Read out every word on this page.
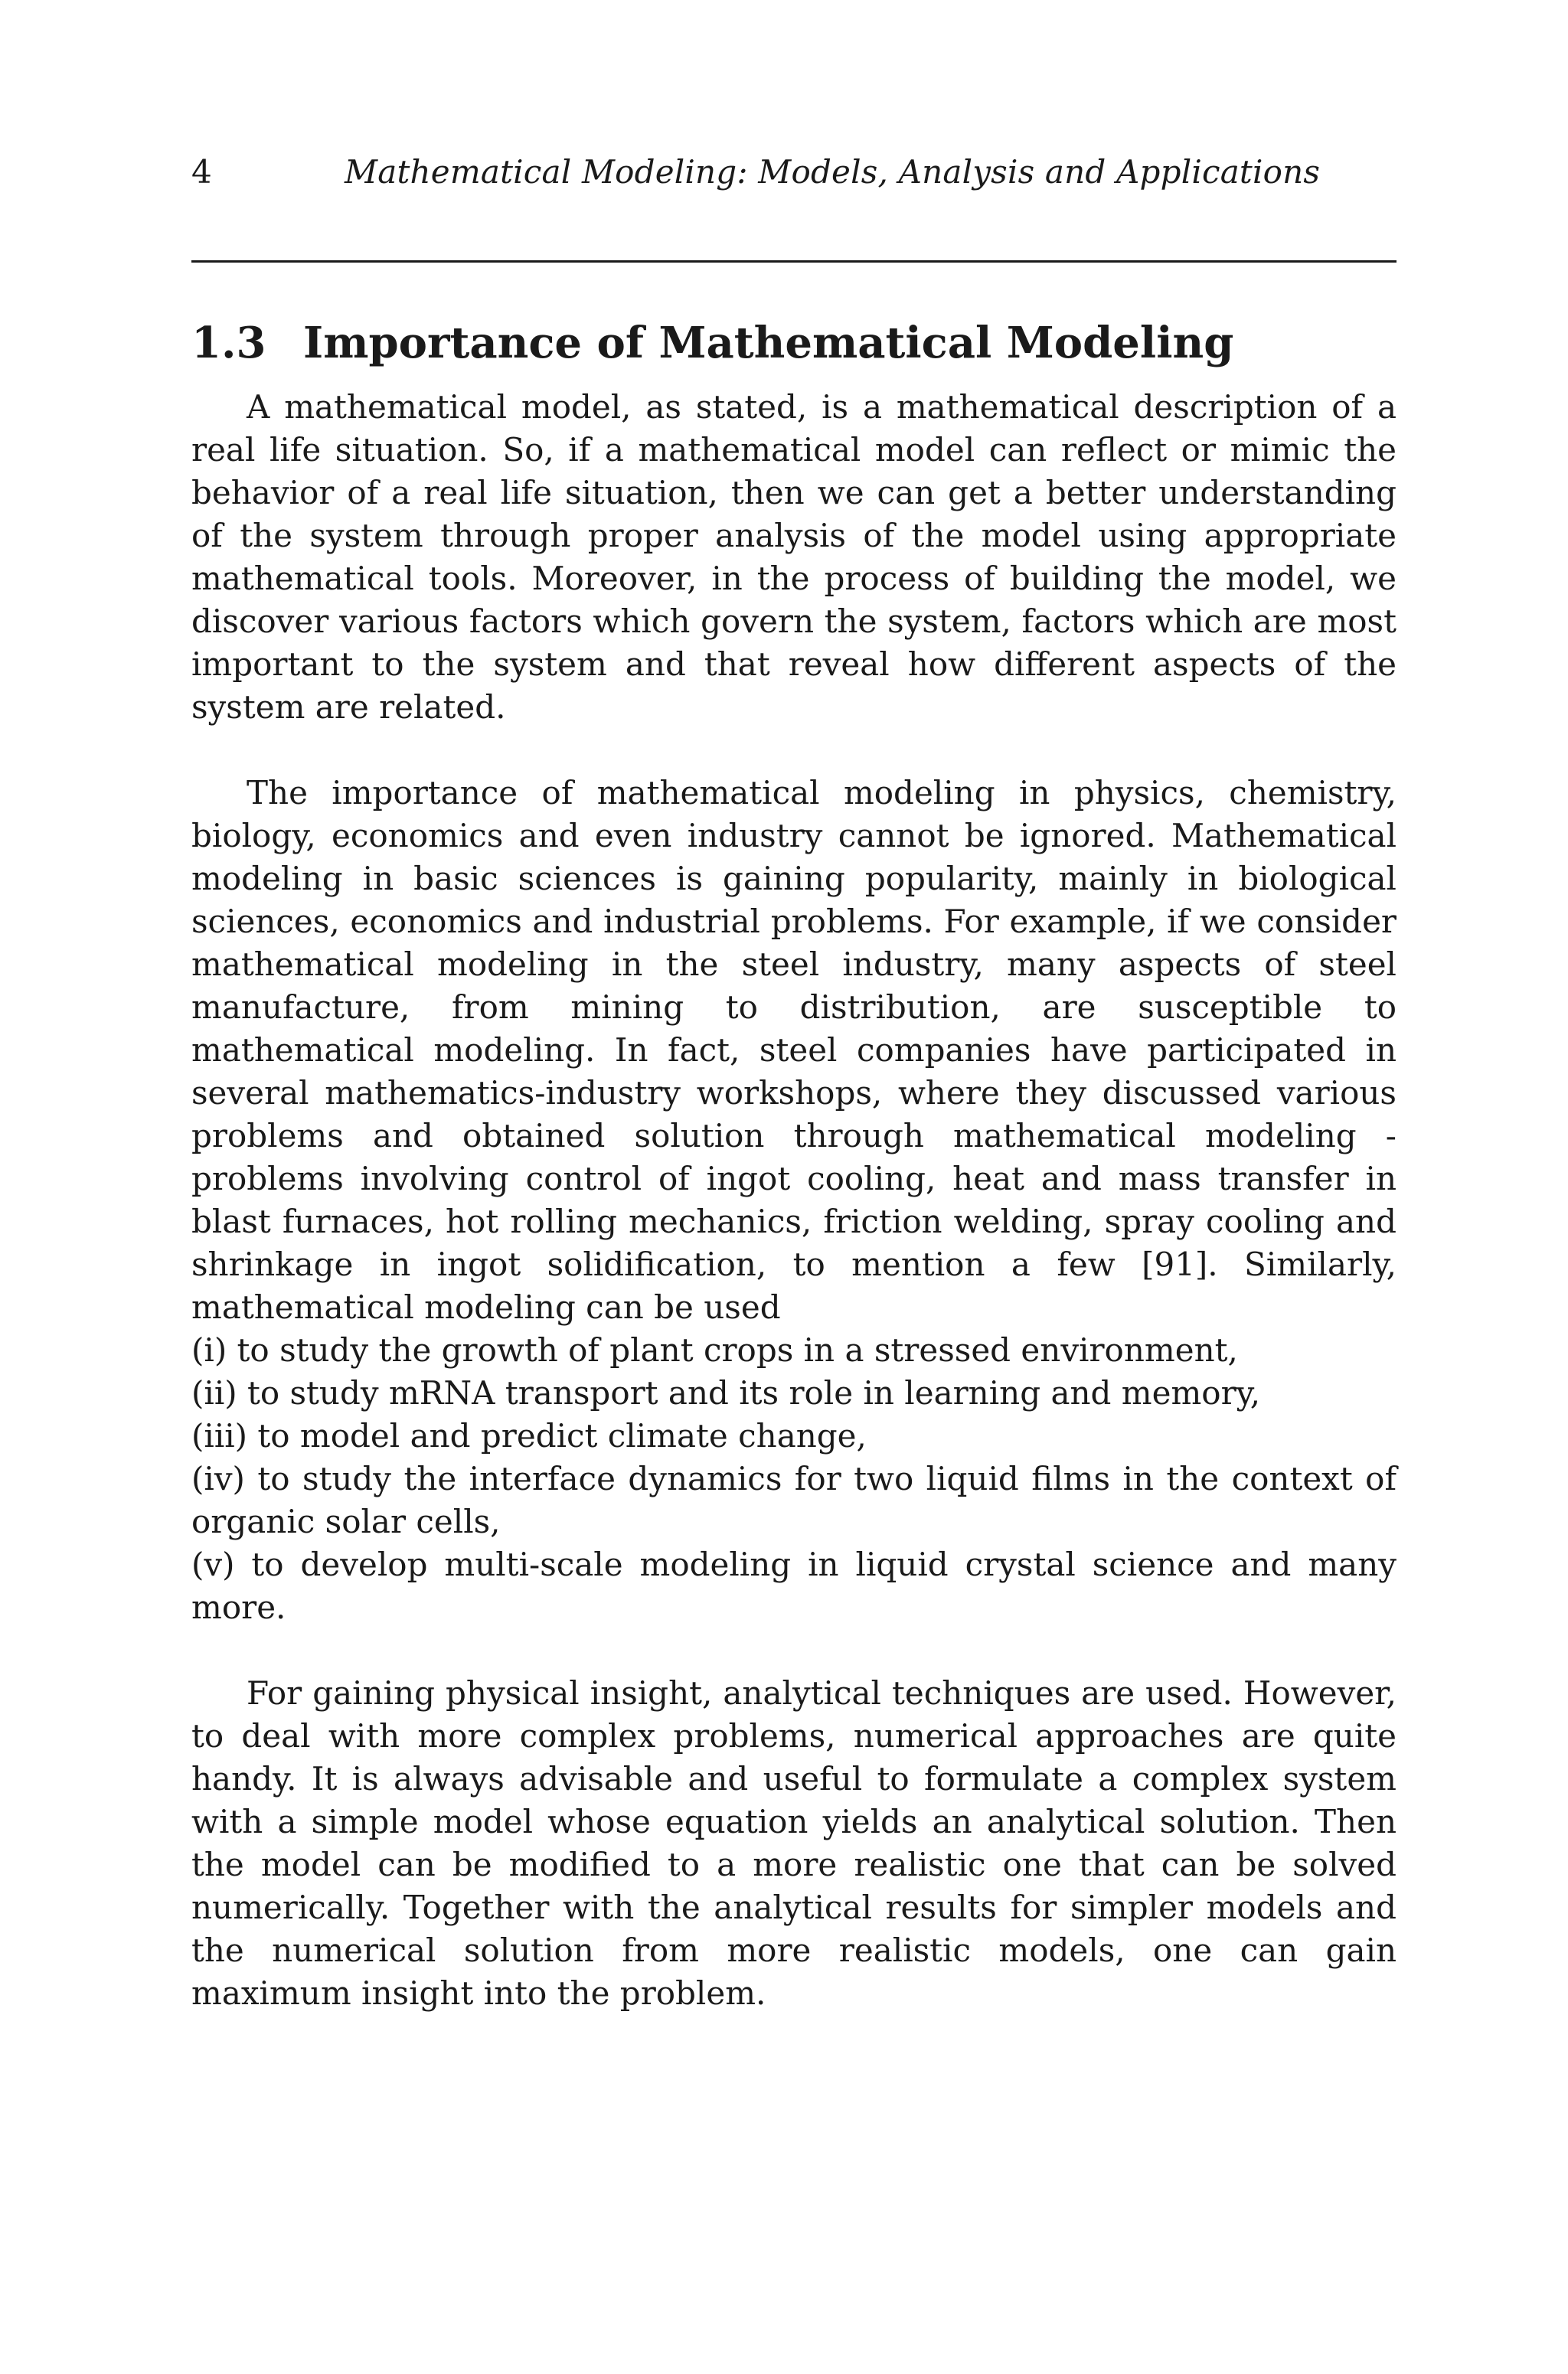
4	Mathematical Modeling: Models, Analysis and Applications
1.3 Importance of Mathematical Modeling

A mathematical model, as stated, is a mathematical description of a real life situation. So, if a mathematical model can reflect or mimic the behavior of a real life situation, then we can get a better understanding of the system through proper analysis of the model using appropriate mathematical tools. Moreover, in the process of building the model, we discover various factors which govern the system, factors which are most important to the system and that reveal how different aspects of the system are related.

The importance of mathematical modeling in physics, chemistry, biology, economics and even industry cannot be ignored. Mathematical modeling in basic sciences is gaining popularity, mainly in biological sciences, economics and industrial problems. For example, if we consider mathematical modeling in the steel industry, many aspects of steel manufacture, from mining to distribution, are susceptible to mathematical modeling. In fact, steel companies have participated in several mathematics-industry workshops, where they discussed various problems and obtained solution through mathematical modeling - problems involving control of ingot cooling, heat and mass transfer in blast furnaces, hot rolling mechanics, friction welding, spray cooling and shrinkage in ingot solidification, to mention a few [91]. Similarly, mathematical modeling can be used

(i) to study the growth of plant crops in a stressed environment,
(ii) to study mRNA transport and its role in learning and memory,
(iii) to model and predict climate change,
(iv) to study the interface dynamics for two liquid films in the context of organic solar cells,
(v) to develop multi-scale modeling in liquid crystal science and many more.

For gaining physical insight, analytical techniques are used. However, to deal with more complex problems, numerical approaches are quite handy. It is always advisable and useful to formulate a complex system with a simple model whose equation yields an analytical solution. Then the model can be modified to a more realistic one that can be solved numerically. Together with the analytical results for simpler models and the numerical solution from more realistic models, one can gain maximum insight into the problem.
